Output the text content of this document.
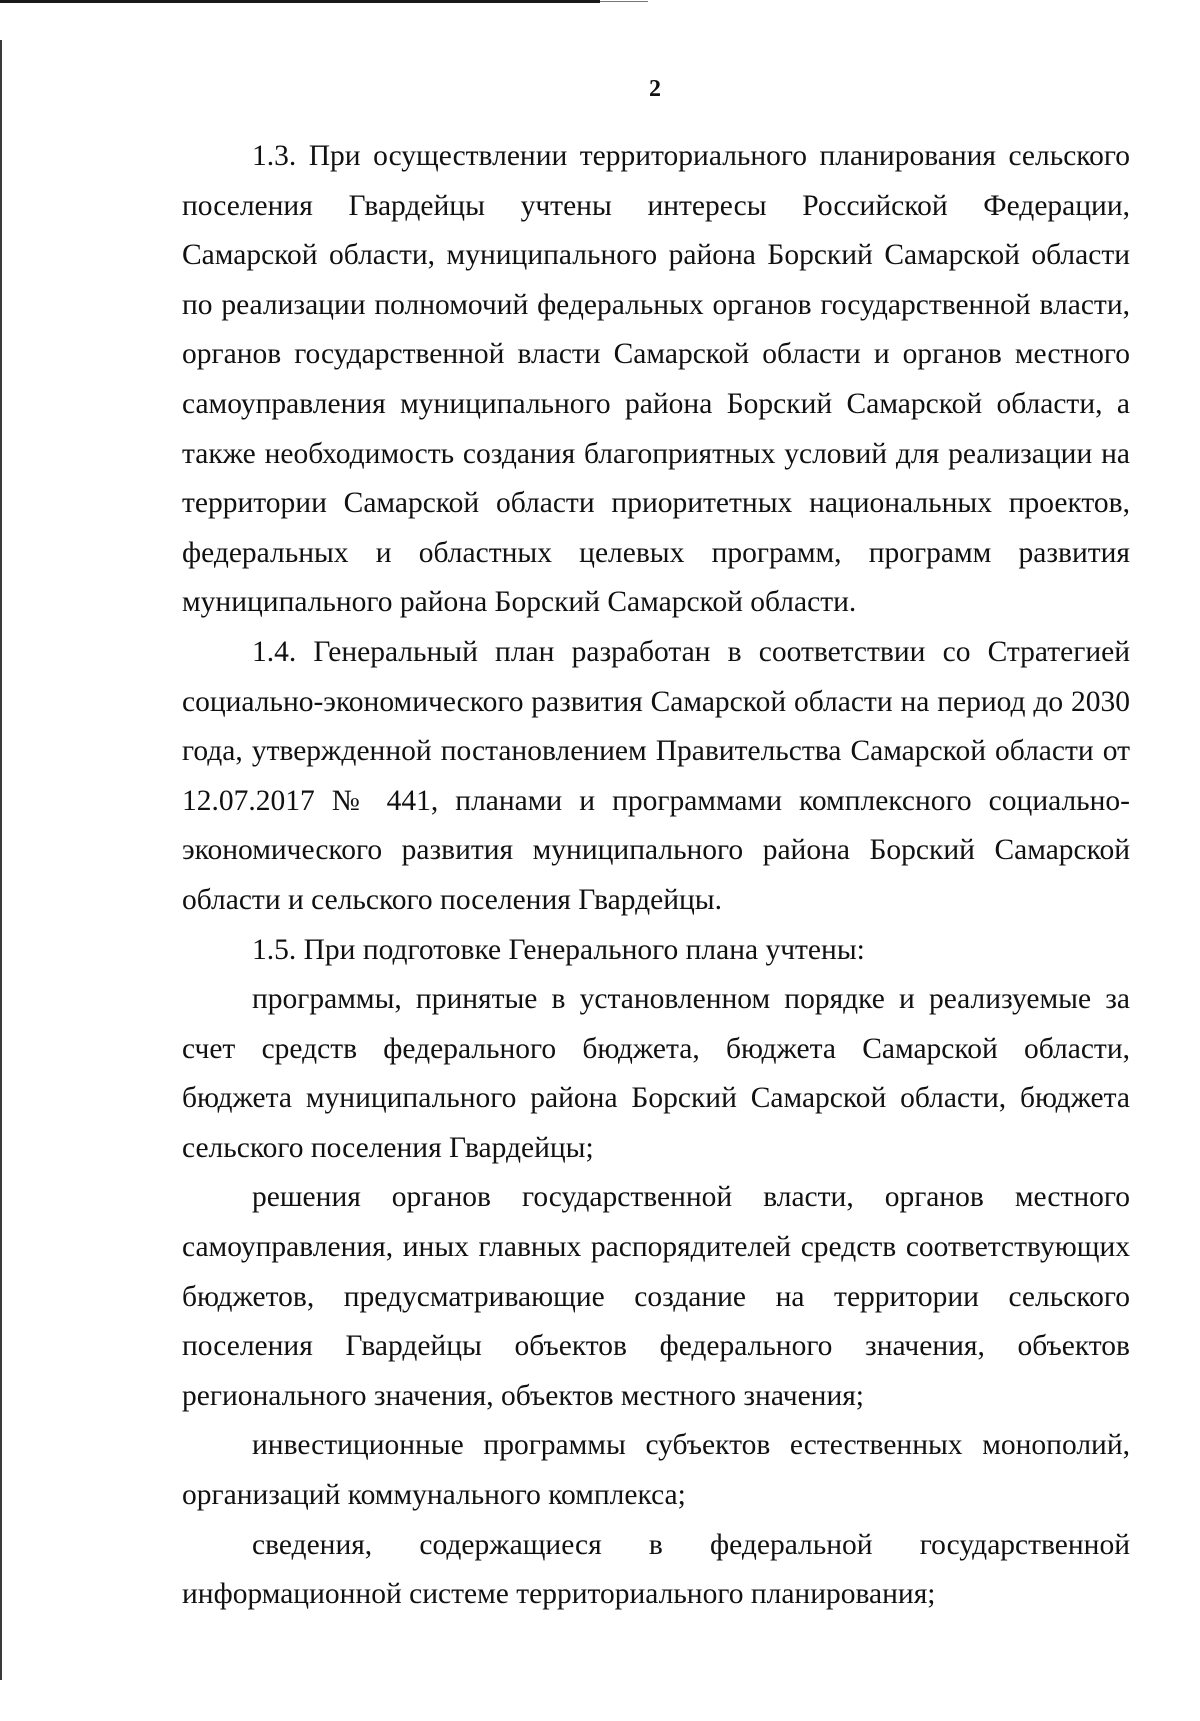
2

1.3. При осуществлении территориального планирования сельского поселения Гвардейцы учтены интересы Российской Федерации, Самарской области, муниципального района Борский Самарской области по реализации полномочий федеральных органов государственной власти, органов государственной власти Самарской области и органов местного самоуправления муниципального района Борский Самарской области, а также необходимость создания благоприятных условий для реализации на территории Самарской области приоритетных национальных проектов, федеральных и областных целевых программ, программ развития муниципального района Борский Самарской области.

1.4. Генеральный план разработан в соответствии со Стратегией социально-экономического развития Самарской области на период до 2030 года, утвержденной постановлением Правительства Самарской области от 12.07.2017 № 441, планами и программами комплексного социально-экономического развития муниципального района Борский Самарской области и сельского поселения Гвардейцы.

1.5. При подготовке Генерального плана учтены:

программы, принятые в установленном порядке и реализуемые за счет средств федерального бюджета, бюджета Самарской области, бюджета муниципального района Борский Самарской области, бюджета сельского поселения Гвардейцы;

решения органов государственной власти, органов местного самоуправления, иных главных распорядителей средств соответствующих бюджетов, предусматривающие создание на территории сельского поселения Гвардейцы объектов федерального значения, объектов регионального значения, объектов местного значения;

инвестиционные программы субъектов естественных монополий, организаций коммунального комплекса;

сведения, содержащиеся в федеральной государственной информационной системе территориального планирования;
